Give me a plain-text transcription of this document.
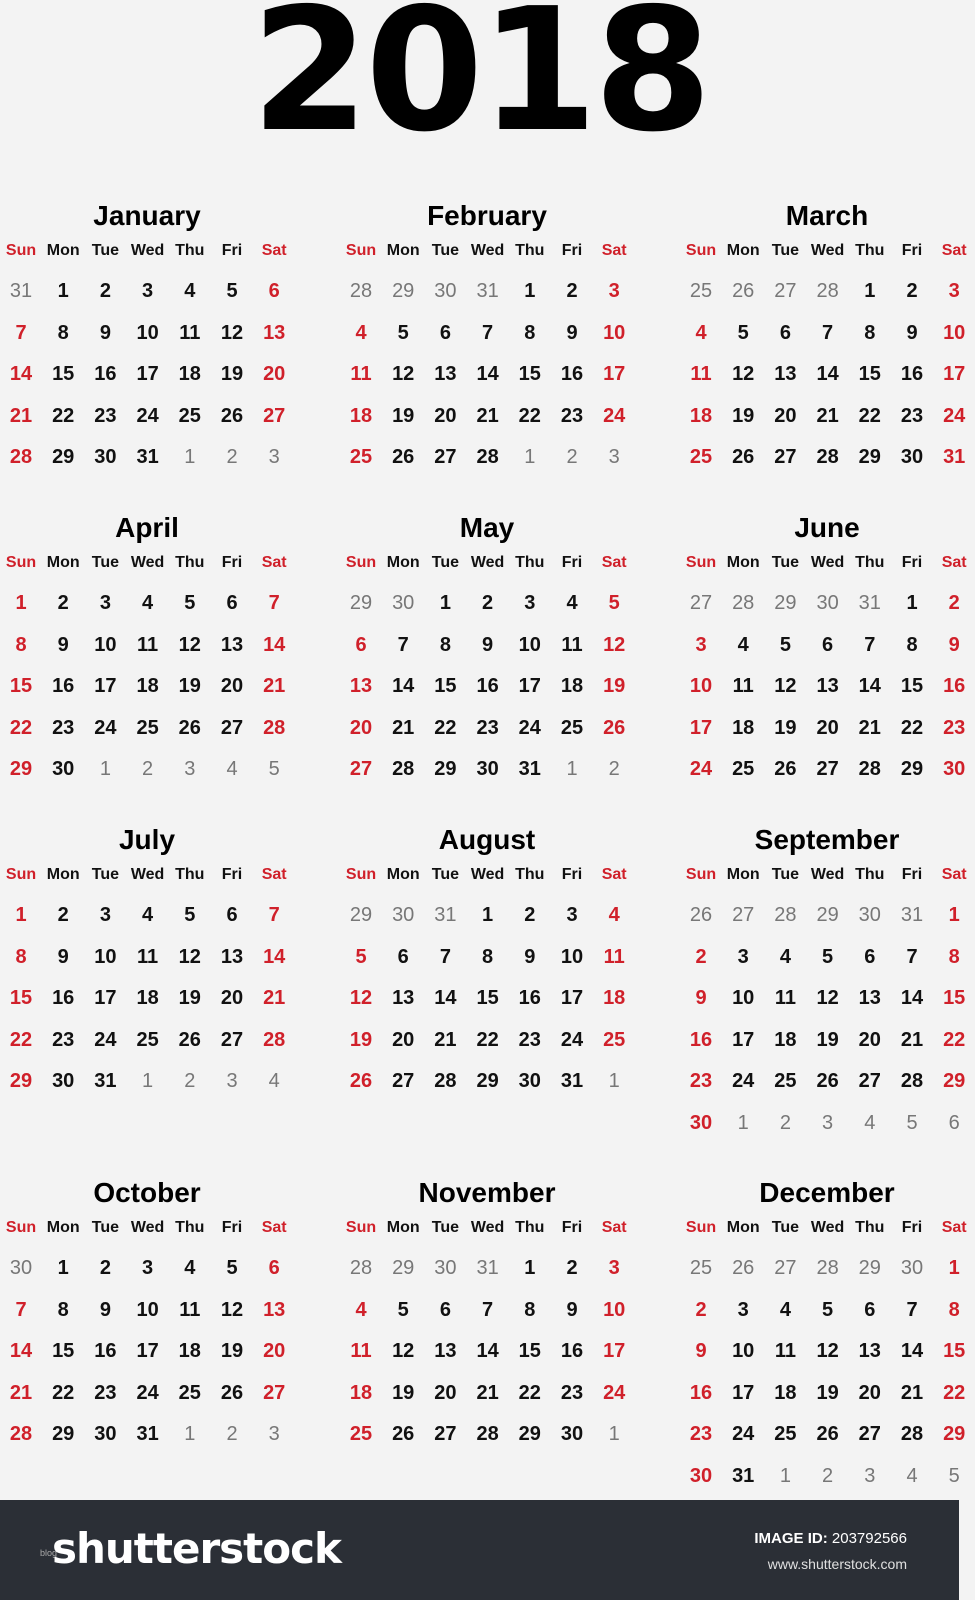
2018
January
Sun Mon Tue Wed Thu	Fri	Sat
31	1	2	3	4	5	6
7	8	9	10	11	12 13
14 15 16 17 18 19 20
21 22 23 24 25 26 27
28 29 30 31	1	2	3
February
Sun Mon Tue Wed Thu	Fri	Sat
28 29 30 31	1	2	3
4	5	6	7	8	9	10
11	12 13 14 15 16 17
18 19 20 21 22 23 24
25 26 27 28	1	2	3
March
Sun Mon Tue Wed Thu	Fri	Sat
25 26 27 28	1	2	3
4	5	6	7	8	9	10
11	12 13 14 15 16 17
18 19 20 21 22 23 24
25 26 27 28 29 30 31
April
Sun Mon Tue Wed Thu	Fri	Sat
1	2	3	4	5	6	7
8	9	10	11	12 13 14
15 16 17 18 19 20 21
22 23 24 25 26 27 28
29 30	1	2	3	4	5
May
Sun Mon Tue Wed Thu	Fri	Sat
29 30	1	2	3	4	5
6	7	8	9	10	11	12
13 14 15 16 17 18 19
20 21 22 23 24 25 26
27 28 29 30 31	1	2
June
Sun Mon Tue Wed Thu	Fri	Sat
27 28 29 30 31	1	2
3	4	5	6	7	8	9
10	11	12 13 14 15 16
17 18 19 20 21 22 23
24 25 26 27 28 29 30
July
Sun Mon Tue Wed Thu	Fri	Sat
1	2	3	4	5	6	7
8	9	10	11	12 13 14
15 16 17 18 19 20 21
22 23 24 25 26 27 28
29 30 31	1	2	3	4
August
Sun Mon Tue Wed Thu	Fri	Sat
29 30 31	1	2	3	4
5	6	7	8	9	10	11
12 13 14 15 16 17 18
19 20 21 22 23 24 25
26 27 28 29 30 31	1
September
Sun Mon Tue Wed Thu	Fri	Sat
26 27 28 29 30 31	1
2	3	4	5	6	7	8
9	10	11	12 13 14 15
16 17 18 19 20 21 22
23 24 25 26 27 28 29
30	1	2	3	4	5	6
October
Sun Mon Tue Wed Thu	Fri	Sat
30	1	2	3	4	5	6
7	8	9	10	11	12 13
14 15 16 17 18 19 20
21 22 23 24 25 26 27
28 29 30 31	1	2	3
November
Sun Mon Tue Wed Thu	Fri	Sat
28 29 30 31	1	2	3
4	5	6	7	8	9	10
11	12 13 14 15 16 17
18 19 20 21 22 23 24
25 26 27 28 29 30	1
December
Sun Mon Tue Wed Thu	Fri	Sat
25 26 27 28 29 30	1
2	3	4	5	6	7	8
9	10	11	12 13 14 15
16 17 18 19 20 21 22
23 24 25 26 27 28 29
30 31	1	2	3	4	5
blog
shutterstock	IMAGE ID: 203792566
www.shutterstock.com
